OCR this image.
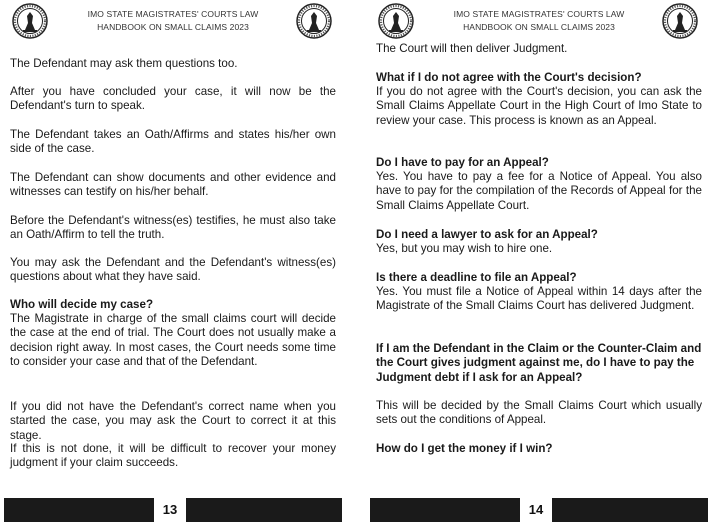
IMO STATE MAGISTRATES' COURTS LAW
HANDBOOK ON SMALL CLAIMS 2023
The Defendant may ask them questions too.

After you have concluded your case, it will now be the Defendant's turn to speak.

The Defendant takes an Oath/Affirms and states his/her own side of the case.

The Defendant can show documents and other evidence and witnesses can testify on his/her behalf.

Before the Defendant's witness(es) testifies, he must also take an Oath/Affirm to tell the truth.

You may ask the Defendant and the Defendant's witness(es) questions about what they have said.

Who will decide my case?

The Magistrate in charge of the small claims court will decide the case at the end of trial. The Court does not usually make a decision right away. In most cases, the Court needs some time to consider your case and that of the Defendant.

If you did not have the Defendant's correct name when you started the case, you may ask the Court to correct it at this stage.

If this is not done, it will be difficult to recover your money judgment if your claim succeeds.

13
IMO STATE MAGISTRATES' COURTS LAW
HANDBOOK ON SMALL CLAIMS 2023

The Court will then deliver Judgment.

What if I do not agree with the Court's decision?

If you do not agree with the Court's decision, you can ask the Small Claims Appellate Court in the High Court of Imo State to review your case. This process is known as an Appeal.

Do I have to pay for an Appeal?

Yes. You have to pay a fee for a Notice of Appeal. You also have to pay for the compilation of the Records of Appeal for the Small Claims Appellate Court.

Do I need a lawyer to ask for an Appeal?

Yes, but you may wish to hire one.

Is there a deadline to file an Appeal?

Yes. You must file a Notice of Appeal within 14 days after the Magistrate of the Small Claims Court has delivered Judgment.

If I am the Defendant in the Claim or the Counter-Claim and the Court gives judgment against me, do I have to pay the Judgment debt if I ask for an Appeal?

This will be decided by the Small Claims Court which usually sets out the conditions of Appeal.

How do I get the money if I win?
14
